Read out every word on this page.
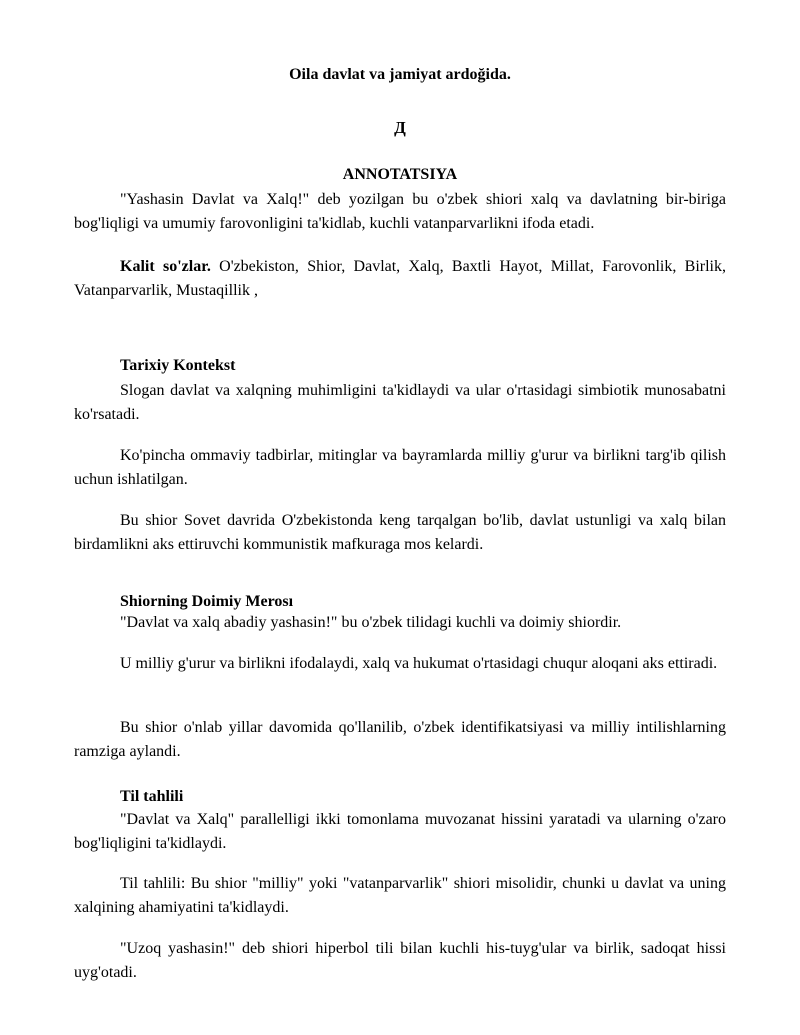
Oila davlat va jamiyat ardoğida.
Д
ANNOTATSIYA

"Yashasin Davlat va Xalq!" deb yozilgan bu o'zbek shiori xalq va davlatning bir-biriga bog'liqligi va umumiy farovonligini ta'kidlab, kuchli vatanparvarlikni ifoda etadi.

Kalit so'zlar. O'zbekiston, Shior, Davlat, Xalq, Baxtli Hayot, Millat, Farovonlik, Birlik, Vatanparvarlik, Mustaqillik ,

Tarixiy Kontekst

Slogan davlat va xalqning muhimligini ta'kidlaydi va ular o'rtasidagi simbiotik munosabatni ko'rsatadi.

Ko'pincha ommaviy tadbirlar, mitinglar va bayramlarda milliy g'urur va birlikni targ'ib qilish uchun ishlatilgan.

Bu shior Sovet davrida O'zbekistonda keng tarqalgan bo'lib, davlat ustunligi va xalq bilan birdamlikni aks ettiruvchi kommunistik mafkuraga mos kelardi.

Shiorning Doimiy Merosı

"Davlat va xalq abadiy yashasin!" bu o'zbek tilidagi kuchli va doimiy shiordir.

U milliy g'urur va birlikni ifodalaydi, xalq va hukumat o'rtasidagi chuqur aloqani aks ettiradi.

Bu shior o'nlab yillar davomida qo'llanilib, o'zbek identifikatsiyasi va milliy intilishlarning ramziga aylandi.

Til tahlili

"Davlat va Xalq" parallelligi ikki tomonlama muvozanat hissini yaratadi va ularning o'zaro bog'liqligini ta'kidlaydi.

Til tahlili: Bu shior "milliy" yoki "vatanparvarlik" shiori misolidir, chunki u davlat va uning xalqining ahamiyatini ta'kidlaydi.

"Uzoq yashasin!" deb shiori hiperbol tili bilan kuchli his-tuyg'ular va birlik, sadoqat hissi uyg'otadi.
